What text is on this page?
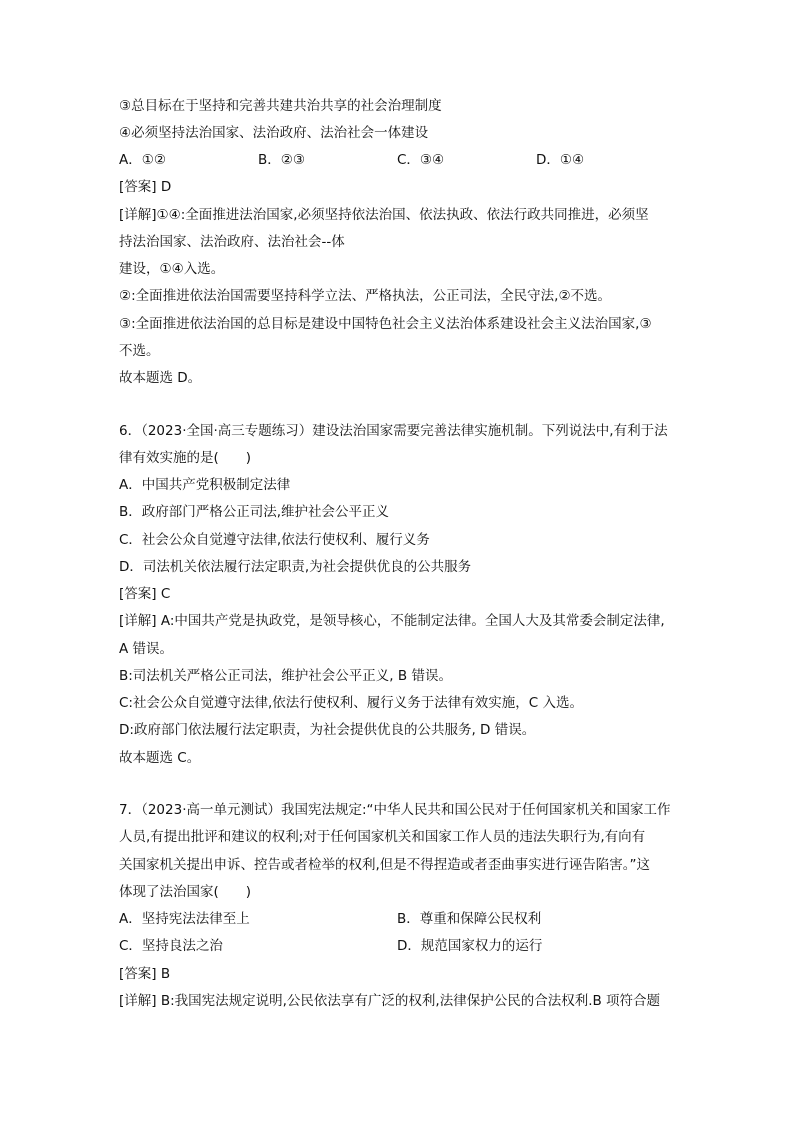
③总目标在于坚持和完善共建共治共享的社会治理制度
④必须坚持法治国家、法治政府、法治社会一体建设
A．①②	B．②③	C．③④	D．①④
[答案] D
[详解]①④:全面推进法治国家,必须坚持依法治国、依法执政、依法行政共同推进，必须坚
持法治国家、法治政府、法治社会--体
建设，①④入选。
②:全面推进依法治国需要坚持科学立法、严格执法，公正司法，全民守法,②不选。
③:全面推进依法治国的总目标是建设中国特色社会主义法治体系建设社会主义法治国家,③
不选。
故本题选 D。
6．（2023·全国·高三专题练习）建设法治国家需要完善法律实施机制。下列说法中,有利于法
律有效实施的是(　　)
A．中国共产党积极制定法律
B．政府部门严格公正司法,维护社会公平正义
C．社会公众自觉遵守法律,依法行使权利、履行义务
D．司法机关依法履行法定职责,为社会提供优良的公共服务
[答案] C
[详解] A:中国共产党是执政党，是领导核心，不能制定法律。全国人大及其常委会制定法律,
A 错误。
B:司法机关严格公正司法，维护社会公平正义, B 错误。
C:社会公众自觉遵守法律,依法行使权利、履行义务于法律有效实施，C 入选。
D:政府部门依法履行法定职责，为社会提供优良的公共服务, D 错误。
故本题选 C。
7．（2023·高一单元测试）我国宪法规定:“中华人民共和国公民对于任何国家机关和国家工作
人员,有提出批评和建议的权利;对于任何国家机关和国家工作人员的违法失职行为,有向有
关国家机关提出申诉、控告或者检举的权利,但是不得捏造或者歪曲事实进行诬告陷害。”这
体现了法治国家(　　)
A．坚持宪法法律至上	B．尊重和保障公民权利
C．坚持良法之治	D．规范国家权力的运行
[答案] B
[详解] B:我国宪法规定说明,公民依法享有广泛的权利,法律保护公民的合法权利.B 项符合题
